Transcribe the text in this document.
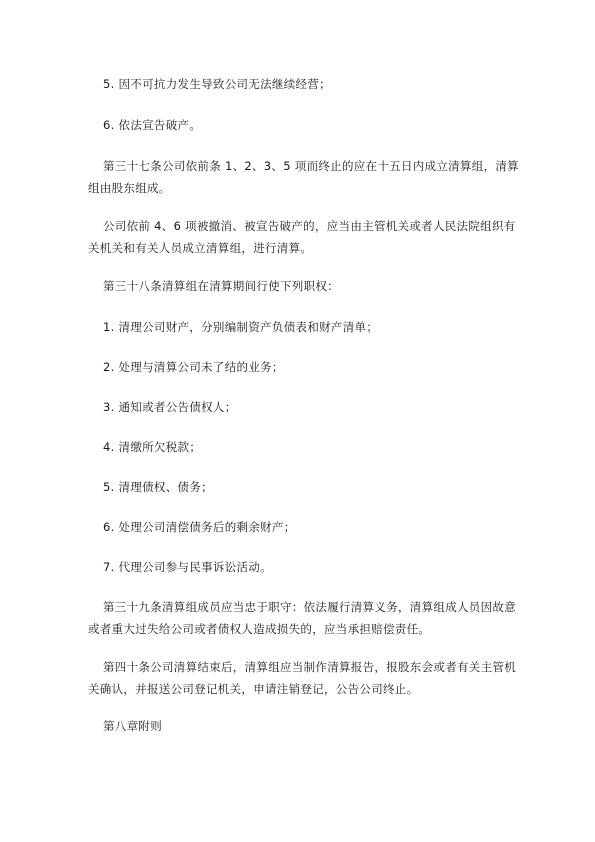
5. 因不可抗力发生导致公司无法继续经营；

6. 依法宣告破产。

第三十七条公司依前条 1、2、3、5 项而终止的应在十五日内成立清算组，清算
组由股东组成。

公司依前 4、6 项被撤消、被宣告破产的，应当由主管机关或者人民法院组织有
关机关和有关人员成立清算组，进行清算。

第三十八条清算组在清算期间行使下列职权：

1. 清理公司财产，分别编制资产负债表和财产清单；

2. 处理与清算公司未了结的业务；

3. 通知或者公告债权人；

4. 清缴所欠税款；

5. 清理债权、债务；

6. 处理公司清偿债务后的剩余财产；

7. 代理公司参与民事诉讼活动。

第三十九条清算组成员应当忠于职守：依法履行清算义务，清算组成人员因故意
或者重大过失给公司或者债权人造成损失的，应当承担赔偿责任。

第四十条公司清算结束后，清算组应当制作清算报告，报股东会或者有关主管机
关确认，并报送公司登记机关，申请注销登记，公告公司终止。

第八章附则
